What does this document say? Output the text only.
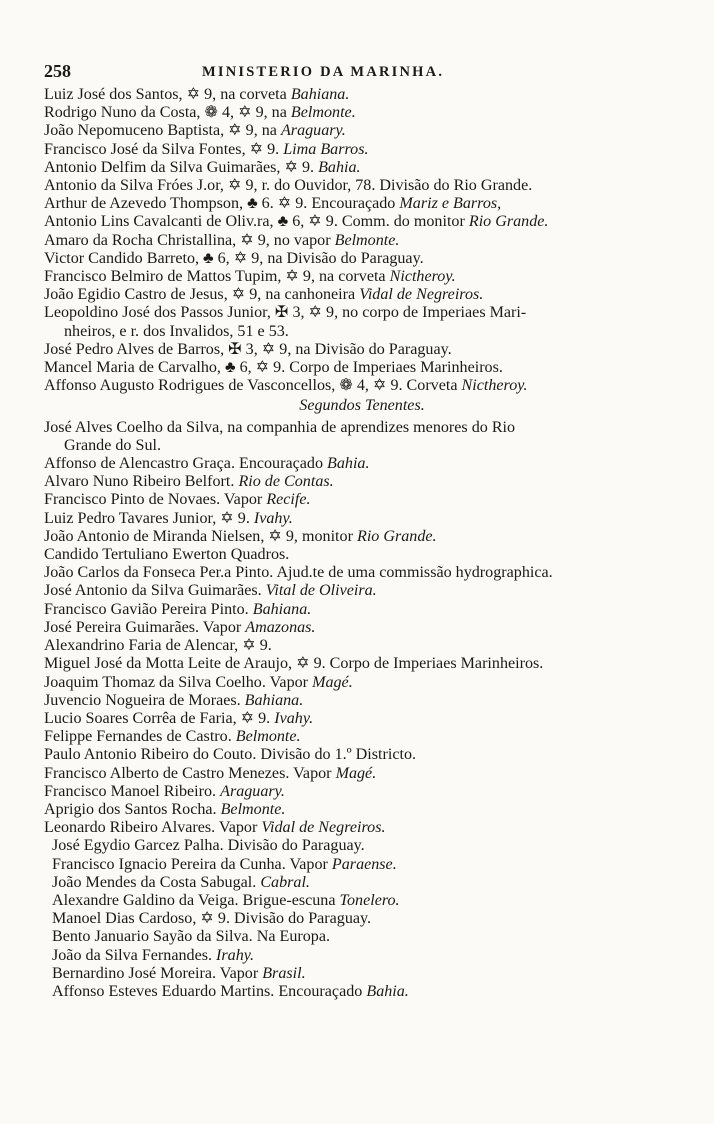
258	MINISTERIO DA MARINHA.
Luiz José dos Santos, ✡ 9, na corveta Bahiana.
Rodrigo Nuno da Costa, ❁ 4, ✡ 9, na Belmonte.
João Nepomuceno Baptista, ✡ 9, na Araguary.
Francisco José da Silva Fontes, ✡ 9. Lima Barros.
Antonio Delfim da Silva Guimarães, ✡ 9. Bahia.
Antonio da Silva Fróes J.or, ✡ 9, r. do Ouvidor, 78. Divisão do Rio Grande.
Arthur de Azevedo Thompson, ♣ 6. ✡ 9. Encouraçado Mariz e Barros,
Antonio Lins Cavalcanti de Oliv.ra, ♣ 6, ✡ 9. Comm. do monitor Rio Grande.
Amaro da Rocha Christallina, ✡ 9, no vapor Belmonte.
Victor Candido Barreto, ♣ 6, ✡ 9, na Divisão do Paraguay.
Francisco Belmiro de Mattos Tupim, ✡ 9, na corveta Nictheroy.
João Egidio Castro de Jesus, ✡ 9, na canhoneira Vidal de Negreiros.
Leopoldino José dos Passos Junior, ✠ 3, ✡ 9, no corpo de Imperiaes Mari-
nheiros, e r. dos Invalidos, 51 e 53.
José Pedro Alves de Barros, ✠ 3, ✡ 9, na Divisão do Paraguay.
Mancel Maria de Carvalho, ♣ 6, ✡ 9. Corpo de Imperiaes Marinheiros.
Affonso Augusto Rodrigues de Vasconcellos, ❁ 4, ✡ 9. Corveta Nictheroy.
Segundos Tenentes.
José Alves Coelho da Silva, na companhia de aprendizes menores do Rio
Grande do Sul.
Affonso de Alencastro Graça. Encouraçado Bahia.
Alvaro Nuno Ribeiro Belfort. Rio de Contas.
Francisco Pinto de Novaes. Vapor Recife.
Luiz Pedro Tavares Junior, ✡ 9. Ivahy.
João Antonio de Miranda Nielsen, ✡ 9, monitor Rio Grande.
Candido Tertuliano Ewerton Quadros.
João Carlos da Fonseca Per.a Pinto. Ajud.te de uma commissão hydrographica.
José Antonio da Silva Guimarães. Vital de Oliveira.
Francisco Gavião Pereira Pinto. Bahiana.
José Pereira Guimarães. Vapor Amazonas.
Alexandrino Faria de Alencar, ✡ 9.
Miguel José da Motta Leite de Araujo, ✡ 9. Corpo de Imperiaes Marinheiros.
Joaquim Thomaz da Silva Coelho. Vapor Magé.
Juvencio Nogueira de Moraes. Bahiana.
Lucio Soares Corrêa de Faria, ✡ 9. Ivahy.
Felippe Fernandes de Castro. Belmonte.
Paulo Antonio Ribeiro do Couto. Divisão do 1.º Districto.
Francisco Alberto de Castro Menezes. Vapor Magé.
Francisco Manoel Ribeiro. Araguary.
Aprigio dos Santos Rocha. Belmonte.
Leonardo Ribeiro Alvares. Vapor Vidal de Negreiros.
José Egydio Garcez Palha. Divisão do Paraguay.
Francisco Ignacio Pereira da Cunha. Vapor Paraense.
João Mendes da Costa Sabugal. Cabral.
Alexandre Galdino da Veiga. Brigue-escuna Tonelero.
Manoel Dias Cardoso, ✡ 9. Divisão do Paraguay.
Bento Januario Sayão da Silva. Na Europa.
João da Silva Fernandes. Irahy.
Bernardino José Moreira. Vapor Brasil.
Affonso Esteves Eduardo Martins. Encouraçado Bahia.
